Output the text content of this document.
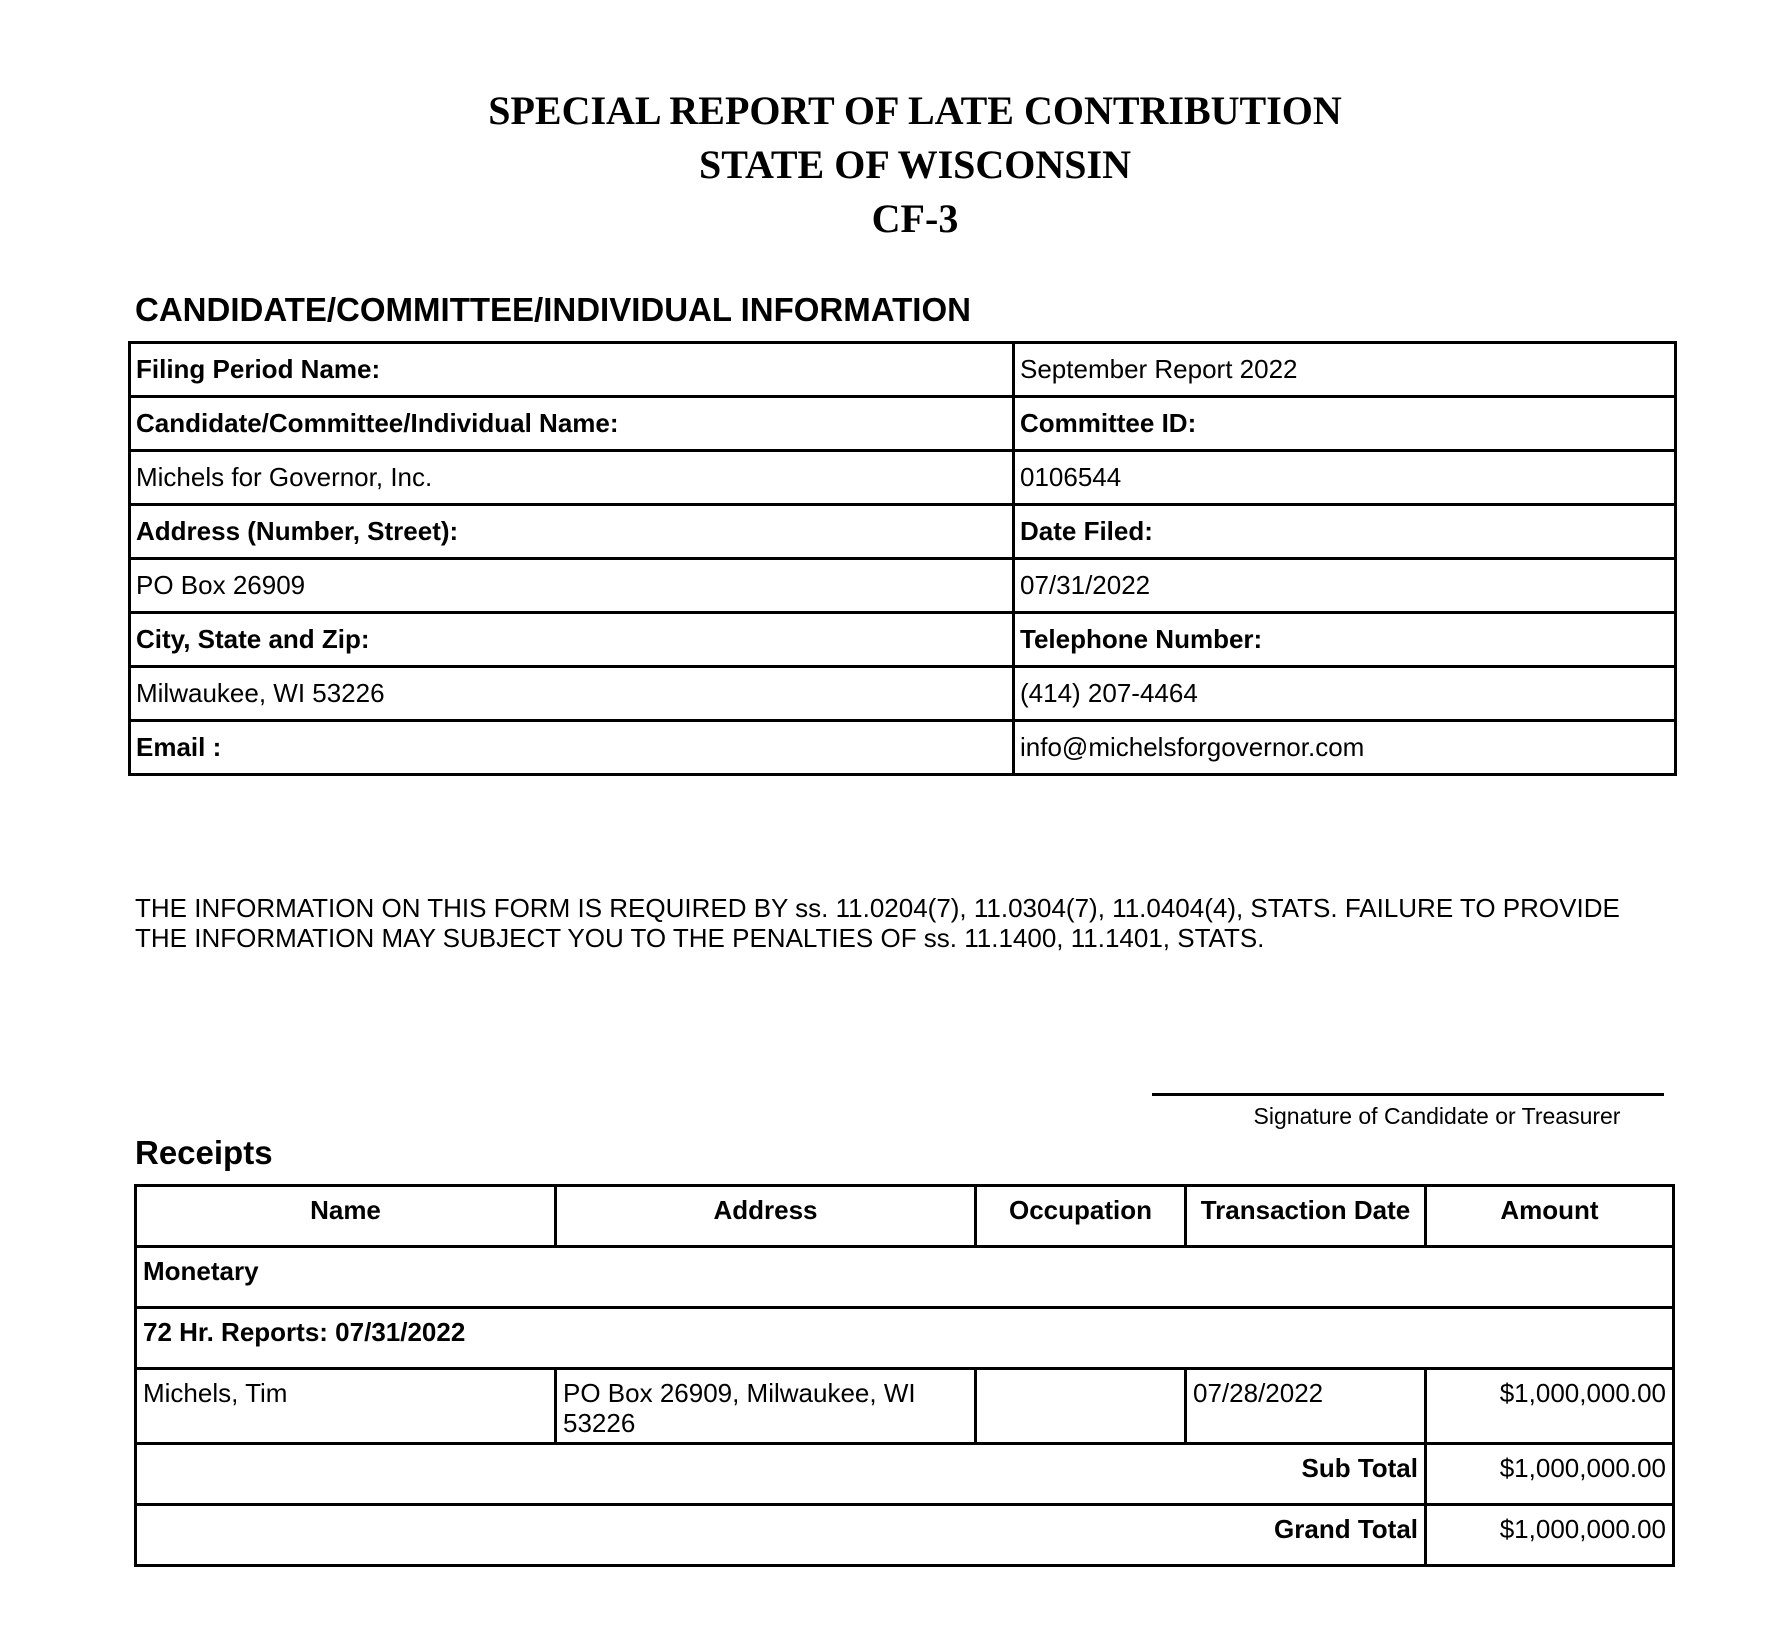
SPECIAL REPORT OF LATE CONTRIBUTION
STATE OF WISCONSIN
CF-3
CANDIDATE/COMMITTEE/INDIVIDUAL INFORMATION
Filing Period Name:	September Report 2022
Candidate/Committee/Individual Name:	Committee ID:
Michels for Governor, Inc.	0106544
Address (Number, Street):	Date Filed:
PO Box 26909	07/31/2022
City, State and Zip:	Telephone Number:
Milwaukee, WI 53226	(414) 207-4464
Email :	info@michelsforgovernor.com
THE INFORMATION ON THIS FORM IS REQUIRED BY ss. 11.0204(7), 11.0304(7), 11.0404(4), STATS. FAILURE TO PROVIDE
THE INFORMATION MAY SUBJECT YOU TO THE PENALTIES OF ss. 11.1400, 11.1401, STATS.
Signature of Candidate or Treasurer
Receipts
Name	Address	Occupation	Transaction Date	Amount
Monetary				
72 Hr. Reports: 07/31/2022				
Michels, Tim	PO Box 26909, Milwaukee, WI 53226		07/28/2022	$1,000,000.00
Sub Total				$1,000,000.00
Grand Total				$1,000,000.00
